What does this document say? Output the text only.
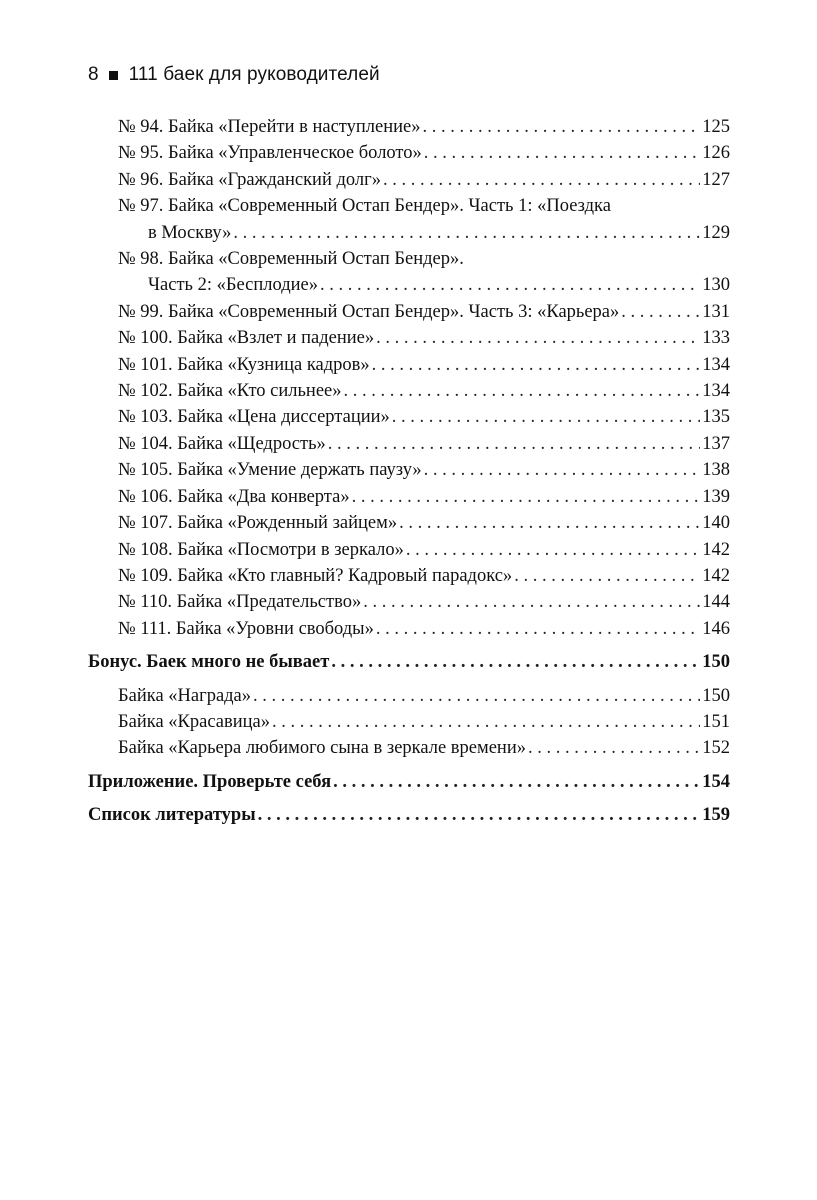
8 111 баек для руководителей
№ 94. Байка «Перейти в наступление» . . .	125
№ 95. Байка «Управленческое болото» . . .	126
№ 96. Байка «Гражданский долг» . . .	127
№ 97. Байка «Современный Остап Бендер». Часть 1: «Поездка
в Москву» . . .	129
№ 98. Байка «Современный Остап Бендер».
Часть 2: «Бесплодие» . . .	130
№ 99. Байка «Современный Остап Бендер». Часть 3: «Карьера» . . .	131
№ 100. Байка «Взлет и падение» . . .	133
№ 101. Байка «Кузница кадров» . . .	134
№ 102. Байка «Кто сильнее» . . .	134
№ 103. Байка «Цена диссертации» . . .	135
№ 104. Байка «Щедрость» . . .	137
№ 105. Байка «Умение держать паузу» . . .	138
№ 106. Байка «Два конверта» . . .	139
№ 107. Байка «Рожденный зайцем» . . .	140
№ 108. Байка «Посмотри в зеркало» . . .	142
№ 109. Байка «Кто главный? Кадровый парадокс» . . .	142
№ 110. Байка «Предательство» . . .	144
№ 111. Байка «Уровни свободы» . . .	146
Бонус. Баек много не бывает . . .	150
Байка «Награда» . . .	150
Байка «Красавица» . . .	151
Байка «Карьера любимого сына в зеркале времени» . . .	152
Приложение. Проверьте себя . . .	154
Список литературы . . .	159
